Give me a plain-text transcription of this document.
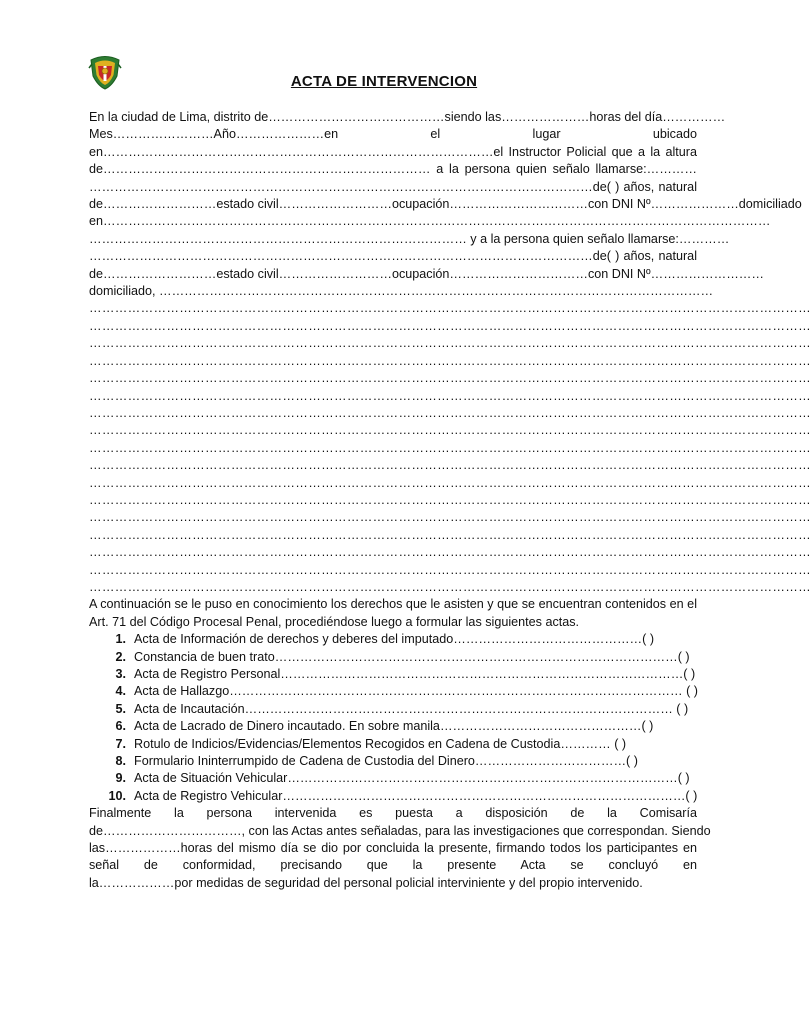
ACTA DE INTERVENCION
En la ciudad de Lima, distrito de……………………………………siendo las…………………horas del día……………
Mes……………………Año…………………en el lugar ubicado
en…………………………………………………………………………………el Instructor Policial que a la altura
de…………………………………………………………………… a la persona quien señalo llamarse:…………
…………………………………………………………………………………………………………de( ) años, natural
de………………………estado civil………………………ocupación……………………………con DNI Nº…………………domiciliado
en……………………………………………………………………………………………………………………………………………
……………………………………………………………………………… y a la persona quien señalo llamarse:…………
…………………………………………………………………………………………………………de( ) años, natural
de………………………estado civil………………………ocupación……………………………con DNI Nº………………………
domiciliado, ……………………………………………………………………………………………………………………
……………………………………………………………………………………………………………………………………………………
……………………………………………………………………………………………………………………………………………………
……………………………………………………………………………………………………………………………………………………
……………………………………………………………………………………………………………………………………………………
……………………………………………………………………………………………………………………………………………………
……………………………………………………………………………………………………………………………………………………
……………………………………………………………………………………………………………………………………………………
……………………………………………………………………………………………………………………………………………………
……………………………………………………………………………………………………………………………………………………
……………………………………………………………………………………………………………………………………………………
……………………………………………………………………………………………………………………………………………………
……………………………………………………………………………………………………………………………………………………
……………………………………………………………………………………………………………………………………………………
……………………………………………………………………………………………………………………………………………………
……………………………………………………………………………………………………………………………………………………
……………………………………………………………………………………………………………………………………………………
……………………………………………………………………………………………………………………………………………………
A continuación se le puso en conocimiento los derechos que le asisten y que se encuentran contenidos en el
Art. 71 del Código Procesal Penal, procediéndose luego a formular las siguientes actas.
1. Acta de Información de derechos y deberes del imputado………………………………………( )
2. Constancia de buen trato……………………………………………………………………………………( )
3. Acta de Registro Personal……………………………………………………………………………………( )
4. Acta de Hallazgo……………………………………………………………………………………………… ( )
5. Acta de Incautación………………………………………………………………………………………… ( )
6. Acta de Lacrado de Dinero incautado. En sobre manila…………………………………………( )
7. Rotulo de Indicios/Evidencias/Elementos Recogidos en Cadena de Custodia………… ( )
8. Formulario Ininterrumpido de Cadena de Custodia del Dinero………………………………( )
9. Acta de Situación Vehicular…………………………………………………………………………………( )
10. Acta de Registro Vehicular……………………………………………………………………………………( )
Finalmente la persona intervenida es puesta a disposición de la Comisaría
de……………………………, con las Actas antes señaladas, para las investigaciones que correspondan. Siendo
las………………horas del mismo día se dio por concluida la presente, firmando todos los participantes en
señal de conformidad, precisando que la presente Acta se concluyó en
la………………por medidas de seguridad del personal policial interviniente y del propio intervenido.
